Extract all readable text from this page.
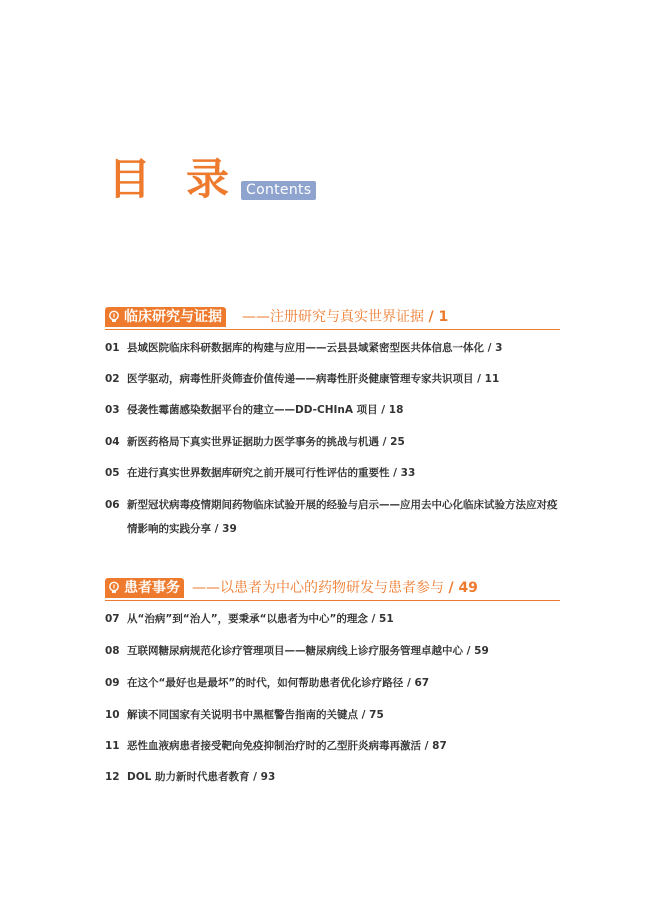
目 录	Contents
临床研究与证据 ——注册研究与真实世界证据 / 1
01 县域医院临床科研数据库的构建与应用——云县县域紧密型医共体信息一体化 / 3
02 医学驱动，病毒性肝炎筛查价值传递——病毒性肝炎健康管理专家共识项目 / 11
03 侵袭性霉菌感染数据平台的建立——DD-CHInA 项目 / 18
04 新医药格局下真实世界证据助力医学事务的挑战与机遇 / 25
05 在进行真实世界数据库研究之前开展可行性评估的重要性 / 33
06 新型冠状病毒疫情期间药物临床试验开展的经验与启示——应用去中心化临床试验方法应对疫情影响的实践分享 / 39
患者事务 ——以患者为中心的药物研发与患者参与 / 49
07 从“治病”到“治人”，要秉承“以患者为中心”的理念 / 51
08 互联网糖尿病规范化诊疗管理项目——糖尿病线上诊疗服务管理卓越中心 / 59
09 在这个“最好也是最坏”的时代，如何帮助患者优化诊疗路径 / 67
10 解读不同国家有关说明书中黑框警告指南的关键点 / 75
11 恶性血液病患者接受靶向免疫抑制治疗时的乙型肝炎病毒再激活 / 87
12 DOL 助力新时代患者教育 / 93
